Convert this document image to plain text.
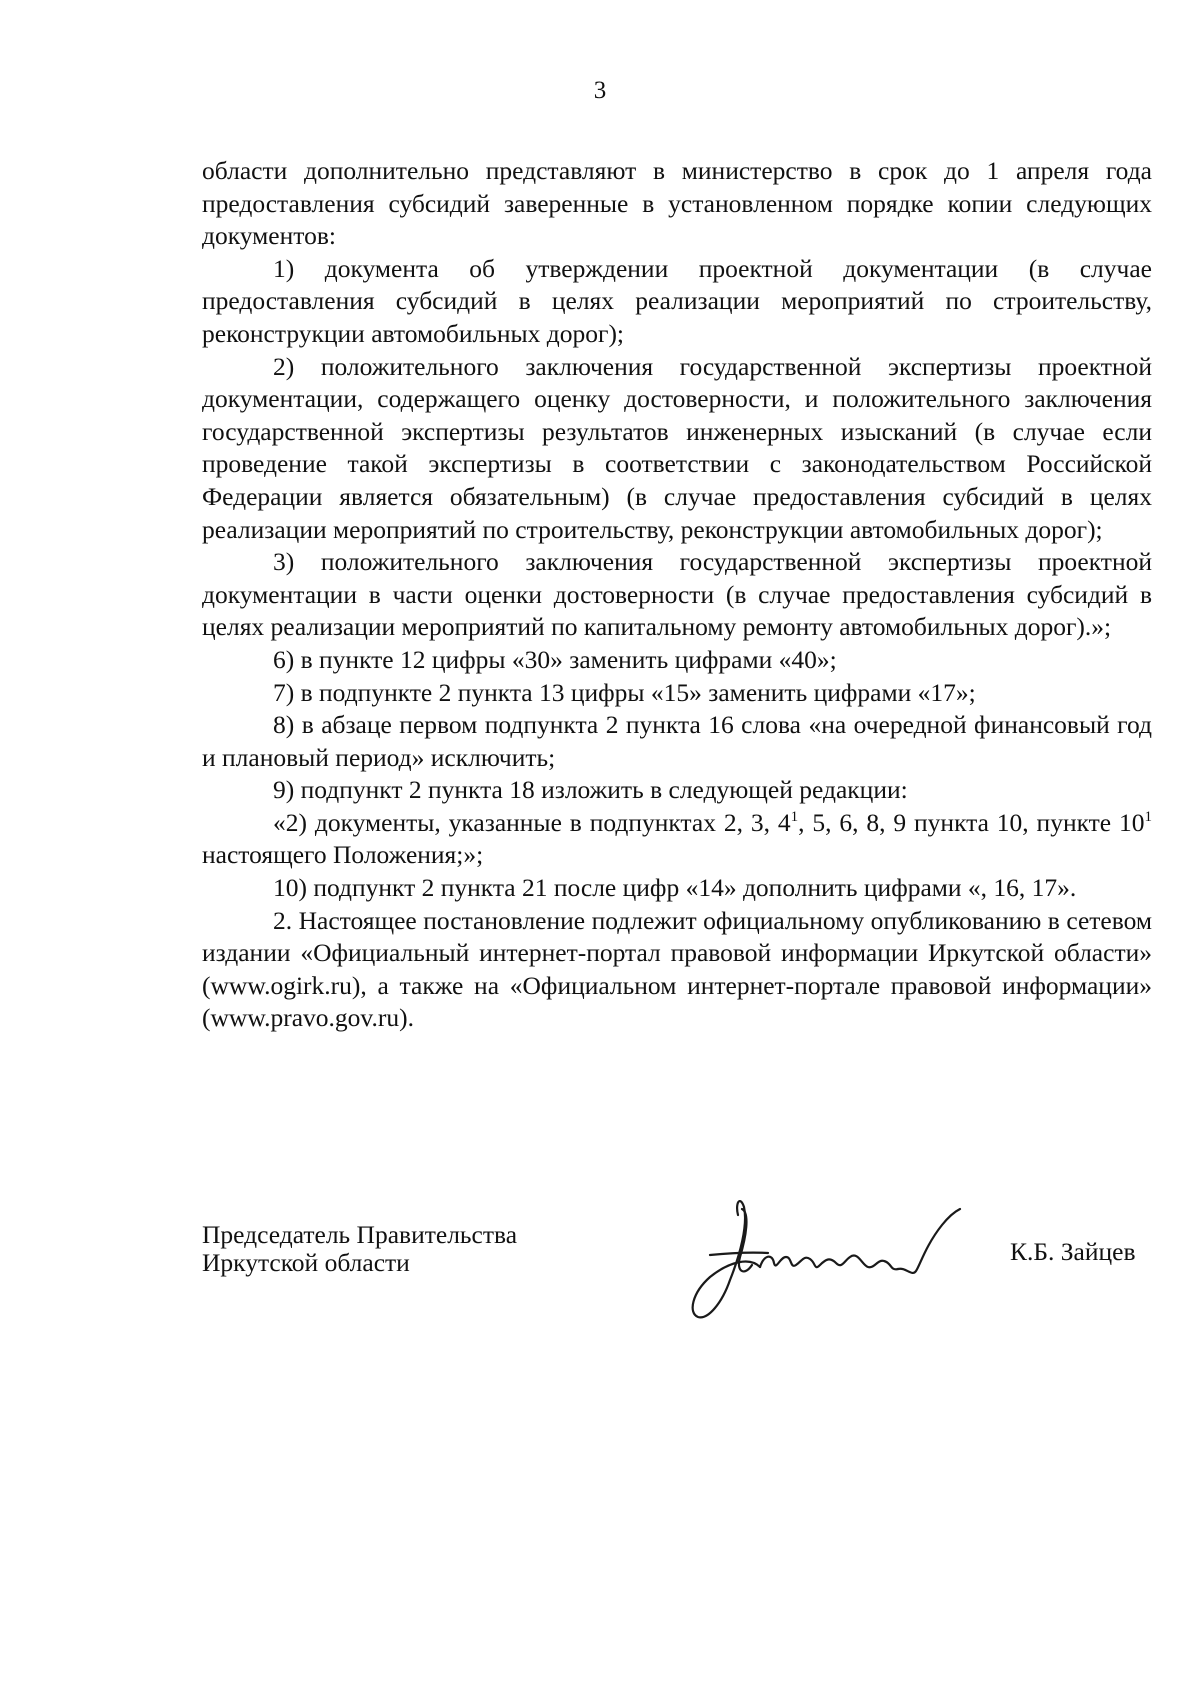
3

области дополнительно представляют в министерство в срок до 1 апреля года предоставления субсидий заверенные в установленном порядке копии следующих документов:

1) документа об утверждении проектной документации (в случае предоставления субсидий в целях реализации мероприятий по строительству, реконструкции автомобильных дорог);

2) положительного заключения государственной экспертизы проектной документации, содержащего оценку достоверности, и положительного заключения государственной экспертизы результатов инженерных изысканий (в случае если проведение такой экспертизы в соответствии с законодательством Российской Федерации является обязательным) (в случае предоставления субсидий в целях реализации мероприятий по строительству, реконструкции автомобильных дорог);

3) положительного заключения государственной экспертизы проектной документации в части оценки достоверности (в случае предоставления субсидий в целях реализации мероприятий по капитальному ремонту автомобильных дорог).»;

6) в пункте 12 цифры «30» заменить цифрами «40»;

7) в подпункте 2 пункта 13 цифры «15» заменить цифрами «17»;

8) в абзаце первом подпункта 2 пункта 16 слова «на очередной финансовый год и плановый период» исключить;

9) подпункт 2 пункта 18 изложить в следующей редакции:

«2) документы, указанные в подпунктах 2, 3, $4^1$, 5, 6, 8, 9 пункта 10, пункте $10^1$ настоящего Положения;»;

10) подпункт 2 пункта 21 после цифр «14» дополнить цифрами «, 16, 17».

2. Настоящее постановление подлежит официальному опубликованию в сетевом издании «Официальный интернет-портал правовой информации Иркутской области» (www.ogirk.ru), а также на «Официальном интернет-портале правовой информации» (www.pravo.gov.ru).

Председатель Правительства
Иркутской области	К.Б. Зайцев
